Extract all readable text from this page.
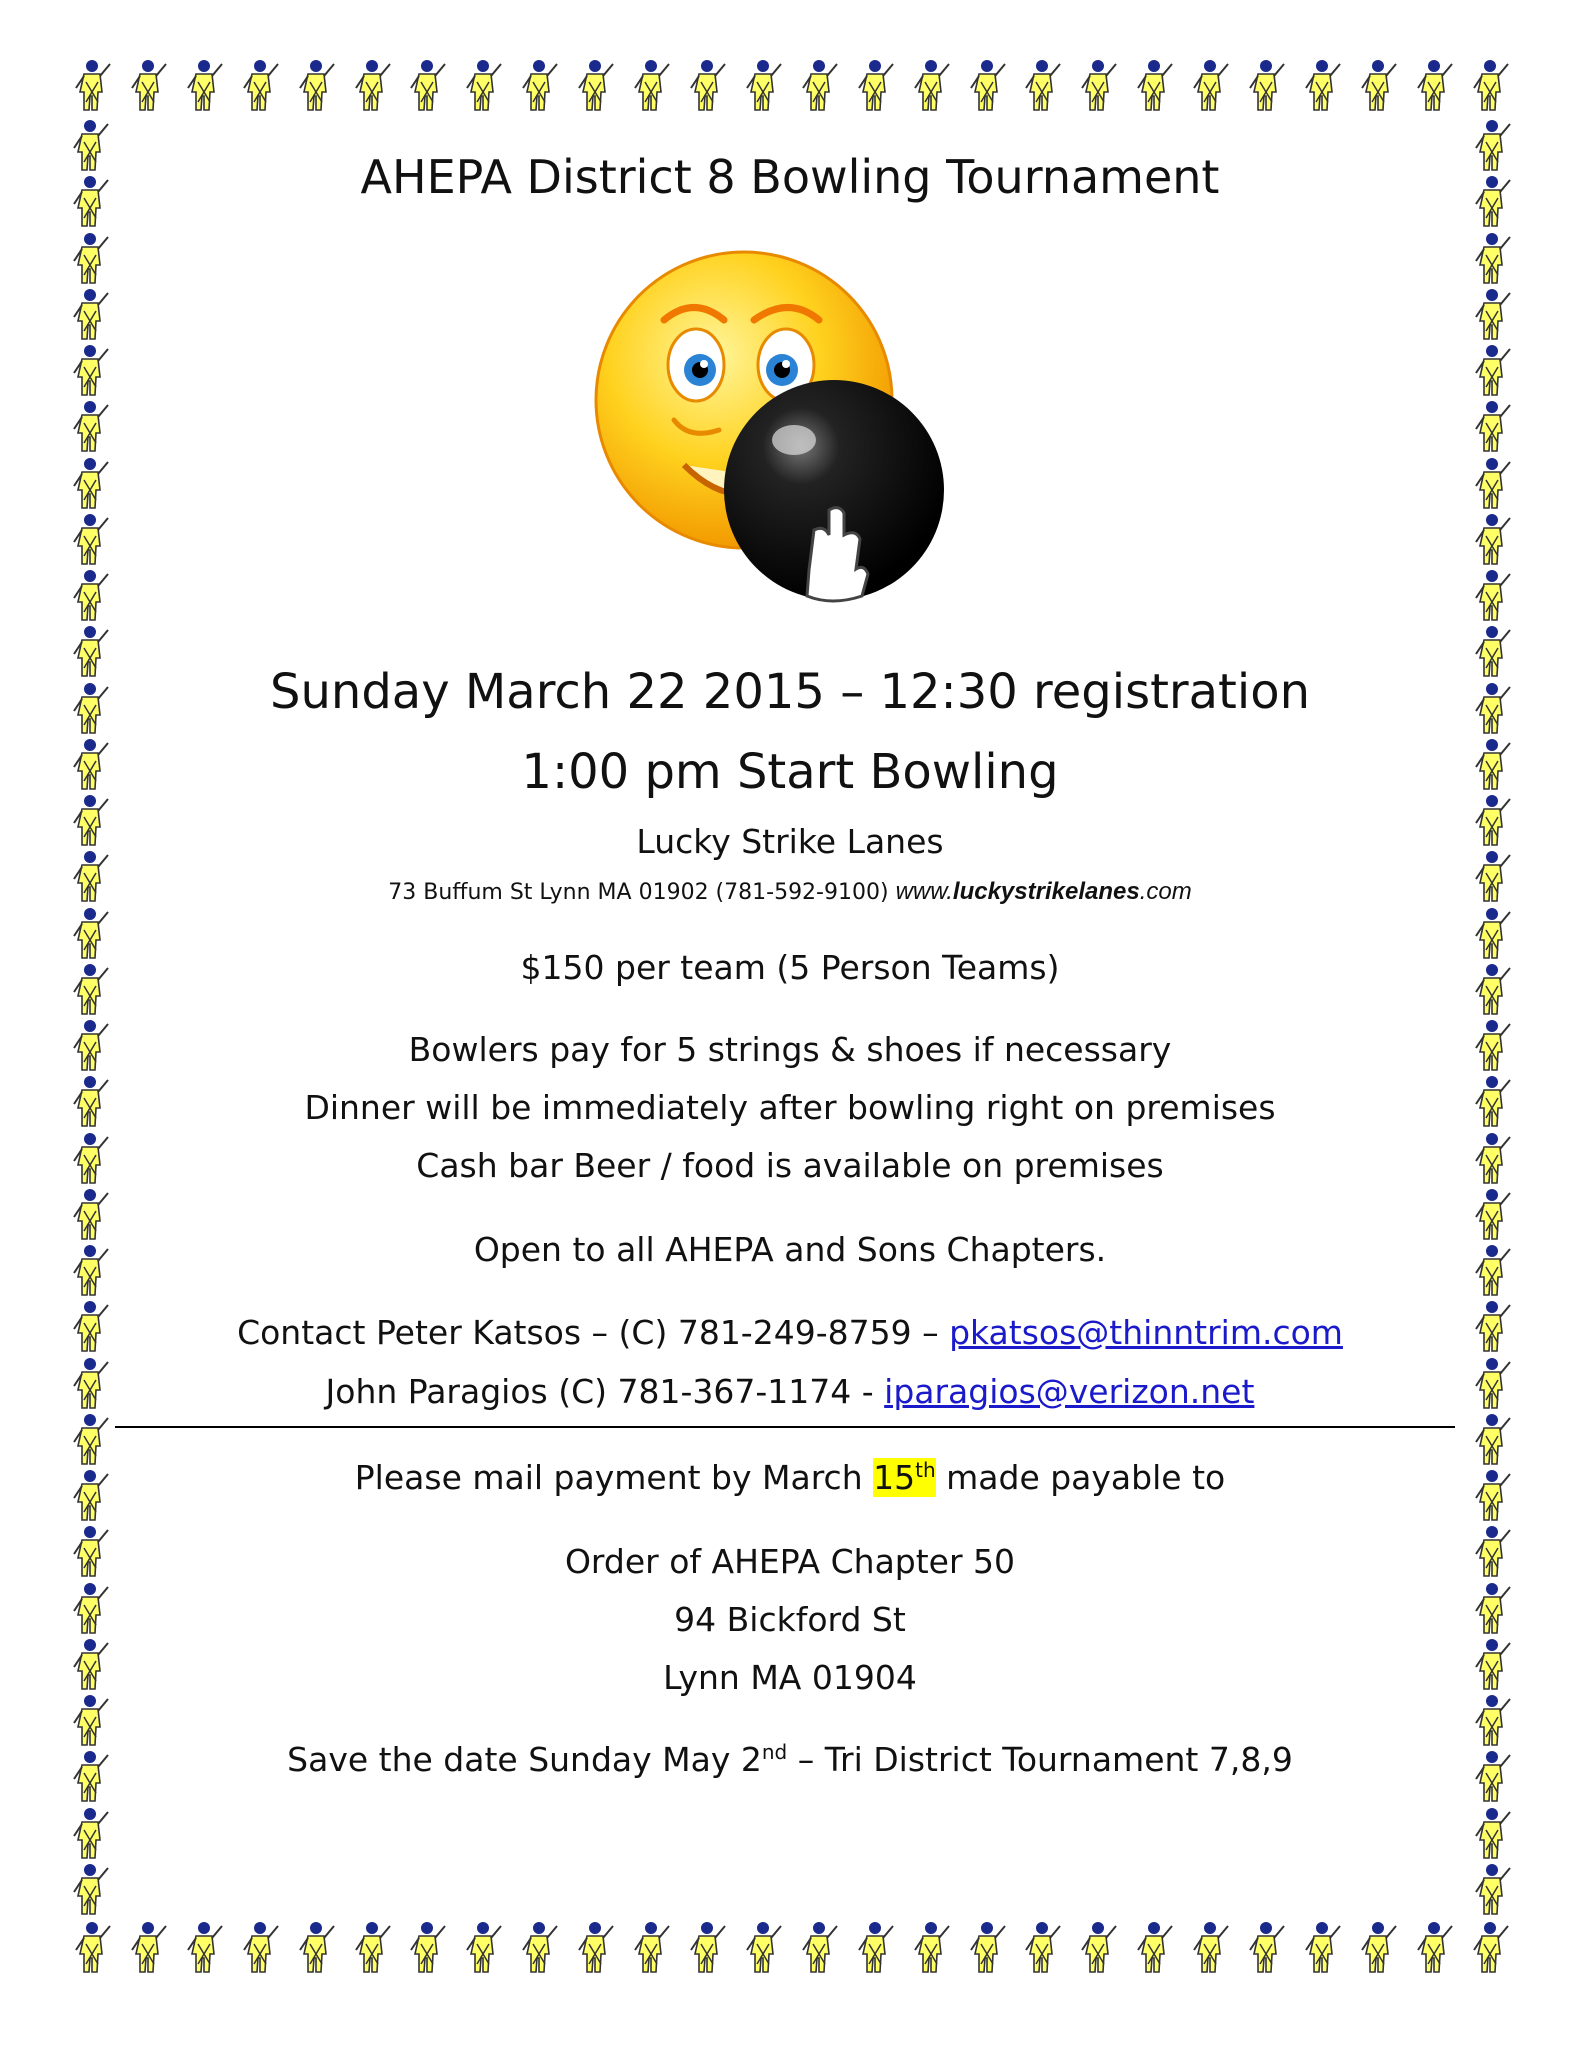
AHEPA District 8 Bowling Tournament
Sunday March 22 2015 – 12:30 registration
1:00 pm Start Bowling
Lucky Strike Lanes
73 Buffum St Lynn MA 01902 (781-592-9100) www.luckystrikelanes.com
$150 per team (5 Person Teams)
Bowlers pay for 5 strings & shoes if necessary
Dinner will be immediately after bowling right on premises
Cash bar Beer / food is available on premises
Open to all AHEPA and Sons Chapters.
Contact Peter Katsos – (C) 781-249-8759 – pkatsos@thinntrim.com
John Paragios (C) 781-367-1174 - iparagios@verizon.net
Please mail payment by March 15th made payable to
Order of AHEPA Chapter 50
94 Bickford St
Lynn MA 01904
Save the date Sunday May 2nd – Tri District Tournament 7,8,9
